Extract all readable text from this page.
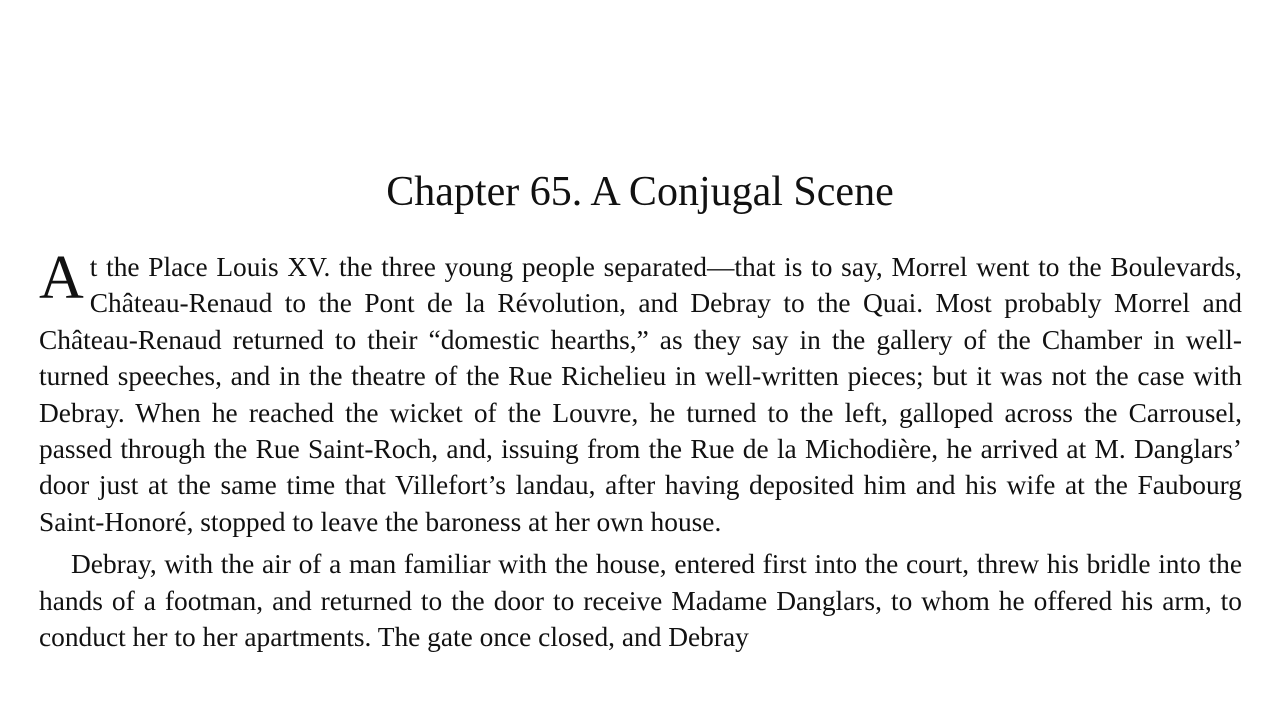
Chapter 65. A Conjugal Scene

At the Place Louis XV. the three young people separated—that is to say, Morrel went to the Boulevards, Château-Renaud to the Pont de la Révolution, and Debray to the Quai. Most probably Morrel and Château-Renaud returned to their “domestic hearths,” as they say in the gallery of the Chamber in well-turned speeches, and in the theatre of the Rue Richelieu in well-written pieces; but it was not the case with Debray. When he reached the wicket of the Louvre, he turned to the left, galloped across the Carrousel, passed through the Rue Saint-Roch, and, issuing from the Rue de la Michodière, he arrived at M. Danglars’ door just at the same time that Villefort’s landau, after having deposited him and his wife at the Faubourg Saint-Honoré, stopped to leave the baroness at her own house.

Debray, with the air of a man familiar with the house, entered first into the court, threw his bridle into the hands of a footman, and returned to the door to receive Madame Danglars, to whom he offered his arm, to conduct her to her apartments. The gate once closed, and Debray
